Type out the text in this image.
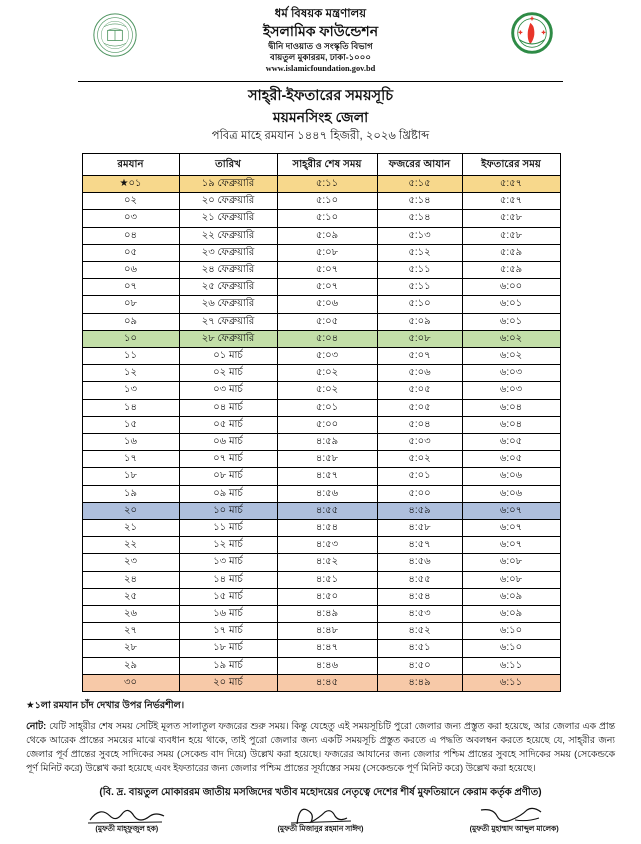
ধর্ম বিষয়ক মন্ত্রণালয়
ইসলামিক ফাউন্ডেশন
দ্বীনি দাওয়াত ও সংস্কৃতি বিভাগ
বায়তুল মুকাররম, ঢাকা-১০০০
www.islamicfoundation.gov.bd
সাহ্‌রী-ইফতারের সময়সূচি
ময়মনসিংহ জেলা
পবিত্র মাহে রমযান ১৪৪৭ হিজরী, ২০২৬ খ্রিষ্টাব্দ
রমযান	তারিখ	সাহ্‌রীর শেষ সময়	ফজরের আযান	ইফতারের সময়
★০১	১৯ ফেব্রুয়ারি	৫:১১	৫:১৫	৫:৫৭
০২	২০ ফেব্রুয়ারি	৫:১০	৫:১৪	৫:৫৭
০৩	২১ ফেব্রুয়ারি	৫:১০	৫:১৪	৫:৫৮
০৪	২২ ফেব্রুয়ারি	৫:০৯	৫:১৩	৫:৫৮
০৫	২৩ ফেব্রুয়ারি	৫:০৮	৫:১২	৫:৫৯
০৬	২৪ ফেব্রুয়ারি	৫:০৭	৫:১১	৫:৫৯
০৭	২৫ ফেব্রুয়ারি	৫:০৭	৫:১১	৬:০০
০৮	২৬ ফেব্রুয়ারি	৫:০৬	৫:১০	৬:০১
০৯	২৭ ফেব্রুয়ারি	৫:০৫	৫:০৯	৬:০১
১০	২৮ ফেব্রুয়ারি	৫:০৪	৫:০৮	৬:০২
১১	০১ মার্চ	৫:০৩	৫:০৭	৬:০২
১২	০২ মার্চ	৫:০২	৫:০৬	৬:০৩
১৩	০৩ মার্চ	৫:০২	৫:০৫	৬:০৩
১৪	০৪ মার্চ	৫:০১	৫:০৫	৬:০৪
১৫	০৫ মার্চ	৫:০০	৫:০৪	৬:০৪
১৬	০৬ মার্চ	৪:৫৯	৫:০৩	৬:০৫
১৭	০৭ মার্চ	৪:৫৮	৫:০২	৬:০৫
১৮	০৮ মার্চ	৪:৫৭	৫:০১	৬:০৬
১৯	০৯ মার্চ	৪:৫৬	৫:০০	৬:০৬
২০	১০ মার্চ	৪:৫৫	৪:৫৯	৬:০৭
২১	১১ মার্চ	৪:৫৪	৪:৫৮	৬:০৭
২২	১২ মার্চ	৪:৫৩	৪:৫৭	৬:০৭
২৩	১৩ মার্চ	৪:৫২	৪:৫৬	৬:০৮
২৪	১৪ মার্চ	৪:৫১	৪:৫৫	৬:০৮
২৫	১৫ মার্চ	৪:৫০	৪:৫৪	৬:০৯
২৬	১৬ মার্চ	৪:৪৯	৪:৫৩	৬:০৯
২৭	১৭ মার্চ	৪:৪৮	৪:৫২	৬:১০
২৮	১৮ মার্চ	৪:৪৭	৪:৫১	৬:১০
২৯	১৯ মার্চ	৪:৪৬	৪:৫০	৬:১১
৩০	২০ মার্চ	৪:৪৫	৪:৪৯	৬:১১
★১লা রমযান চাঁদ দেখার উপর নির্ভরশীল।
নোট: যেটি সাহ্‌রীর শেষ সময় সেটিই মূলত সালাতুল ফজরের শুরু সময়। কিন্তু যেহেতু এই সময়সূচিটি পুরো জেলার জন্য প্রস্তুত করা হয়েছে, আর জেলার এক প্রান্ত থেকে আরেক প্রান্তের সময়ের মাঝে ব্যবধান হয়ে থাকে, তাই পুরো জেলার জন্য একটি সময়সূচি প্রস্তুত করতে এ পদ্ধতি অবলম্বন করতে হয়েছে যে, সাহ্‌রীর জন্য জেলার পূর্ব প্রান্তের সুবহে সাদিকের সময় (সেকেন্ড বাদ দিয়ে) উল্লেখ করা হয়েছে। ফজরের আযানের জন্য জেলার পশ্চিম প্রান্তের সুবহে সাদিকের সময় (সেকেন্ডকে পূর্ণ মিনিট করে) উল্লেখ করা হয়েছে এবং ইফতারের জন্য জেলার পশ্চিম প্রান্তের সূর্যাস্তের সময় (সেকেন্ডকে পূর্ণ মিনিট করে) উল্লেখ করা হয়েছে।
(বি. দ্র. বায়তুল মোকাররম জাতীয় মসজিদের খতীব মহোদয়ের নেতৃত্বে দেশের শীর্ষ মুফতিয়ানে কেরাম কর্তৃক প্রণীত)
(মুফতী মাহ্ফুজুল হক)	(মুফতী মিজানুর রহমান সাঈদ)	(মুফতী মুহাম্মাদ আব্দুল মালেক)
